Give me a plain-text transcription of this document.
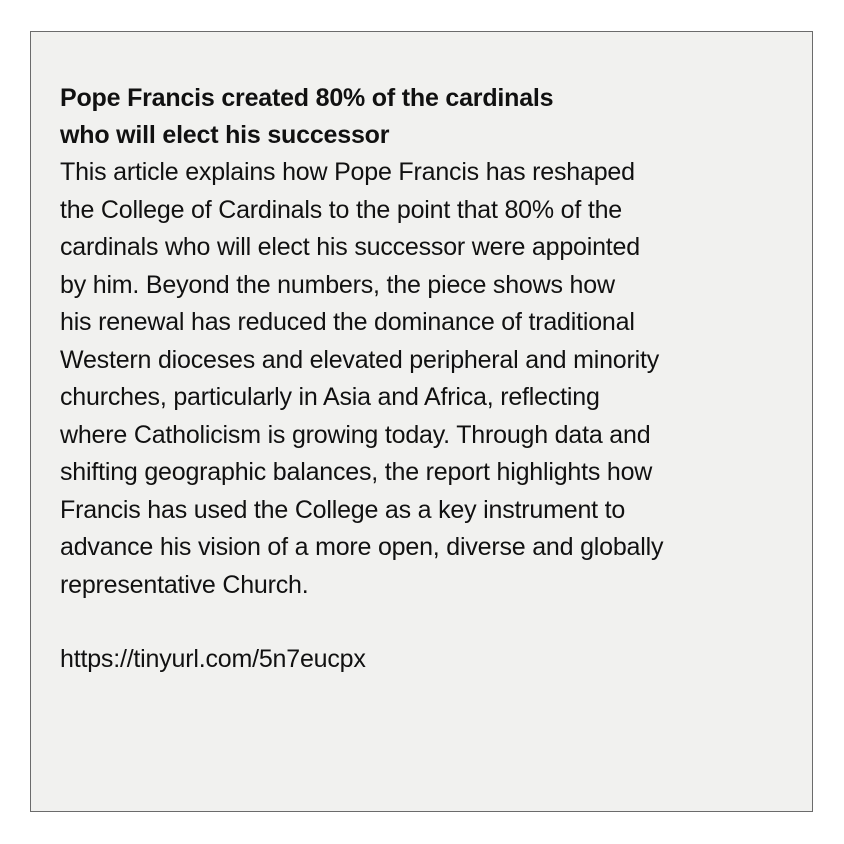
Pope Francis created 80% of the cardinals
who will elect his successor

This article explains how Pope Francis has reshaped
the College of Cardinals to the point that 80% of the
cardinals who will elect his successor were appointed
by him. Beyond the numbers, the piece shows how
his renewal has reduced the dominance of traditional
Western dioceses and elevated peripheral and minority
churches, particularly in Asia and Africa, reflecting
where Catholicism is growing today. Through data and
shifting geographic balances, the report highlights how
Francis has used the College as a key instrument to
advance his vision of a more open, diverse and globally
representative Church.

https://tinyurl.com/5n7eucpx
